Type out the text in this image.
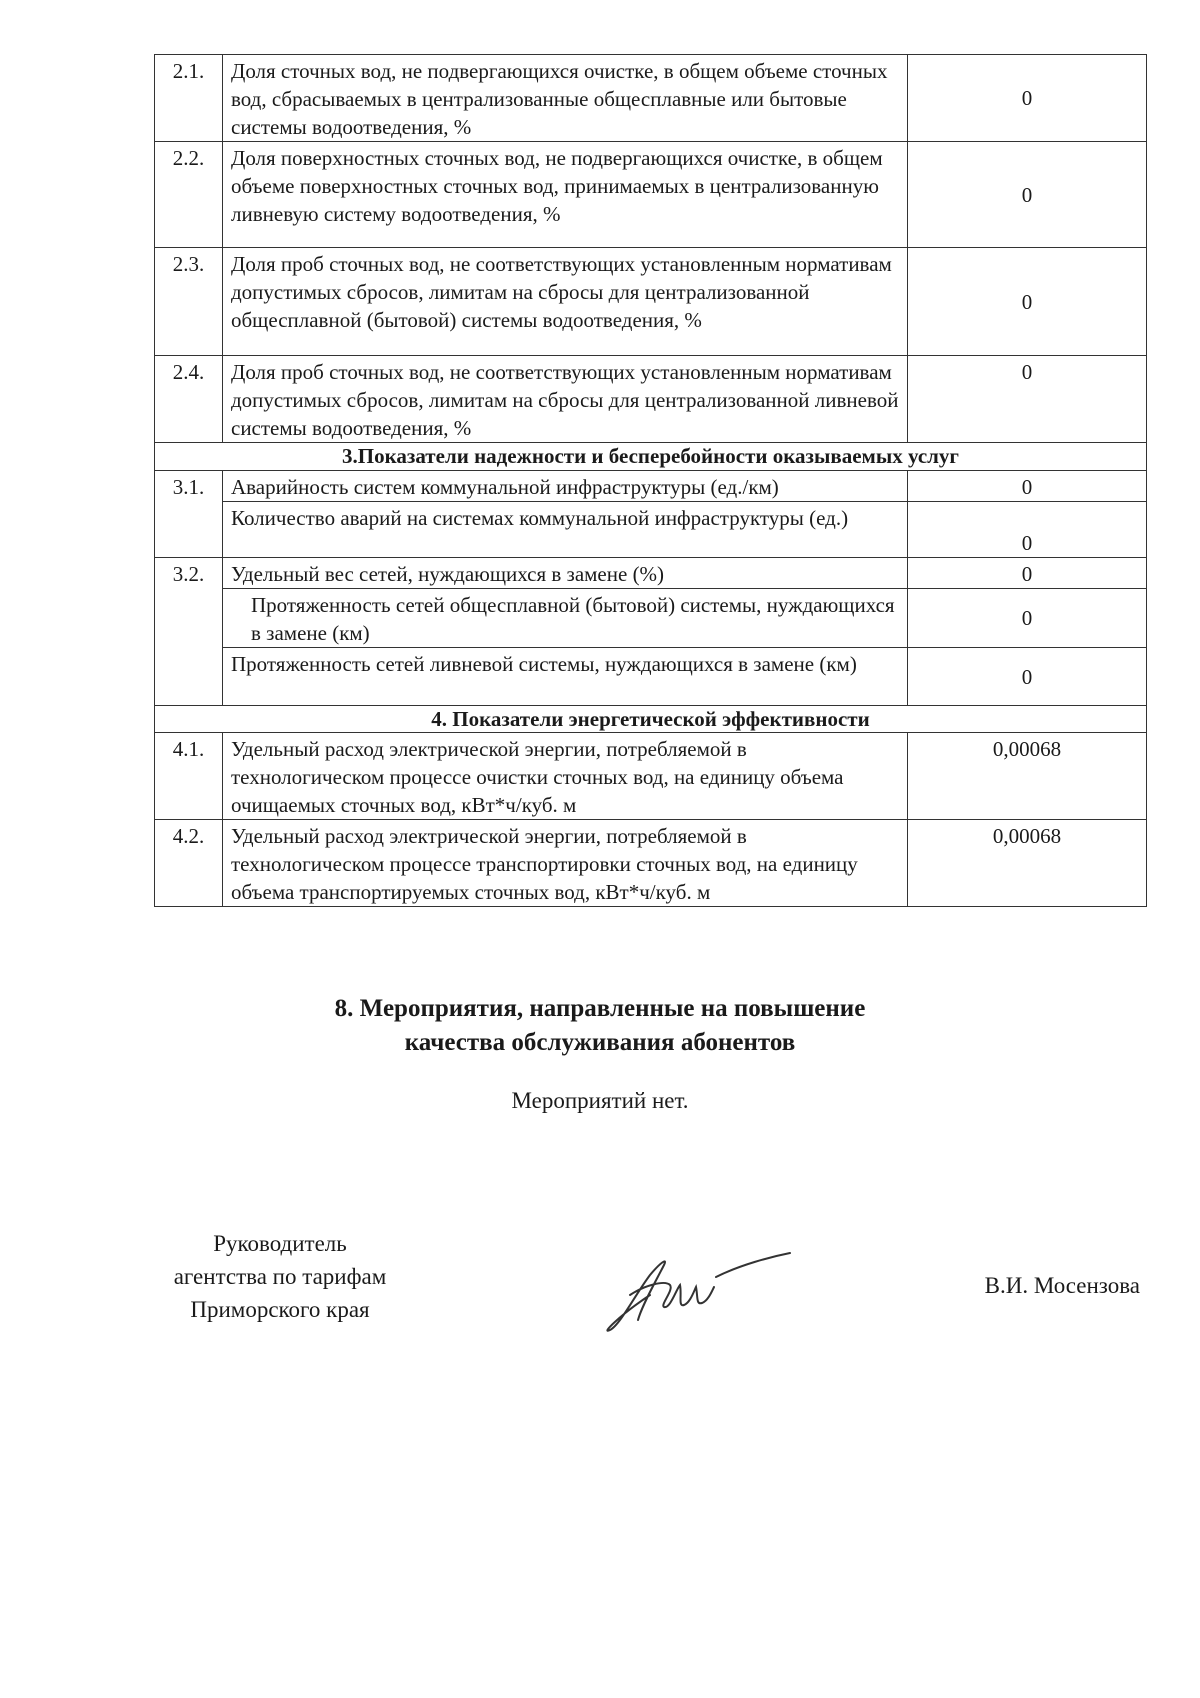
2.1.	Доля сточных вод, не подвергающихся очистке, в общем объеме сточных вод, сбрасываемых в централизованные общесплавные или бытовые системы водоотведения, %	0
2.2.	Доля поверхностных сточных вод, не подвергающихся очистке, в общем объеме поверхностных сточных вод, принимаемых в централизованную ливневую систему водоотведения, %	0
2.3.	Доля проб сточных вод, не соответствующих установленным нормативам допустимых сбросов, лимитам на сбросы для централизованной общесплавной (бытовой) системы водоотведения, %	0
2.4.	Доля проб сточных вод, не соответствующих установленным нормативам допустимых сбросов, лимитам на сбросы для централизованной ливневой системы водоотведения, %	0
3.Показатели надежности и бесперебойности оказываемых услуг		
3.1.	Аварийность систем коммунальной инфраструктуры (ед./км)	0
	Количество аварий на системах коммунальной инфраструктуры (ед.)	0
3.2.	Удельный вес сетей, нуждающихся в замене (%)	0
	Протяженность сетей общесплавной (бытовой) системы, нуждающихся в замене (км)	0
	Протяженность сетей ливневой системы, нуждающихся в замене (км)	0
4. Показатели энергетической эффективности		
4.1.	Удельный расход электрической энергии, потребляемой в технологическом процессе очистки сточных вод, на единицу объема очищаемых сточных вод, кВт*ч/куб. м	0,00068
4.2.	Удельный расход электрической энергии, потребляемой в технологическом процессе транспортировки сточных вод, на единицу объема транспортируемых сточных вод, кВт*ч/куб. м	0,00068
8. Мероприятия, направленные на повышение
качества обслуживания абонентов
Мероприятий нет.
Руководитель
агентства по тарифам
Приморского края
В.И. Мосензова
